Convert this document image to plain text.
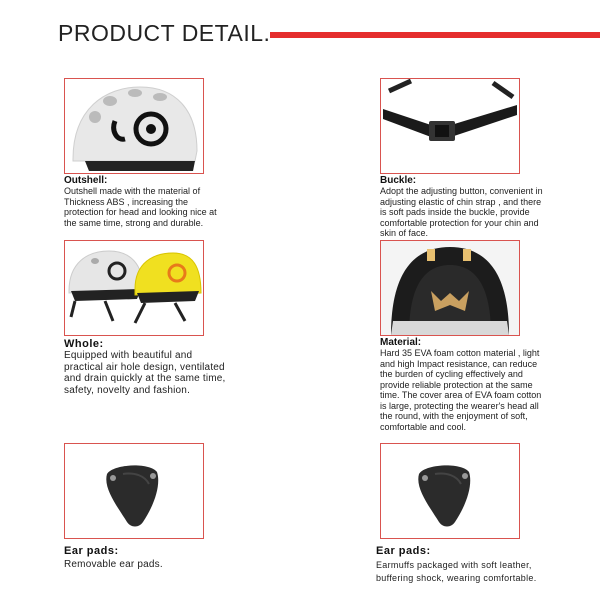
PRODUCT DETAIL.
Outshell:
Outshell made with the material of Thickness ABS , increasing the protection for head and looking nice at the same time, strong and durable.
Buckle:
Adopt the adjusting button, convenient in adjusting elastic of chin strap , and there is soft pads inside the buckle, provide comfortable protection for your chin and skin of face.
Whole:
Equipped with beautiful and practical air hole design, ventilated and drain quickly at the same time, safety, novelty and fashion.
Material:
Hard 35 EVA foam cotton material , light and high Impact resistance, can reduce the burden of cycling effectively and provide reliable protection at the same time. The cover area of EVA foam cotton is large, protecting the wearer's head all the round, with the enjoyment of soft, comfortable and cool.
Ear pads:
Removable ear pads.
Ear pads:
Earmuffs packaged with soft leather, buffering shock, wearing comfortable.
